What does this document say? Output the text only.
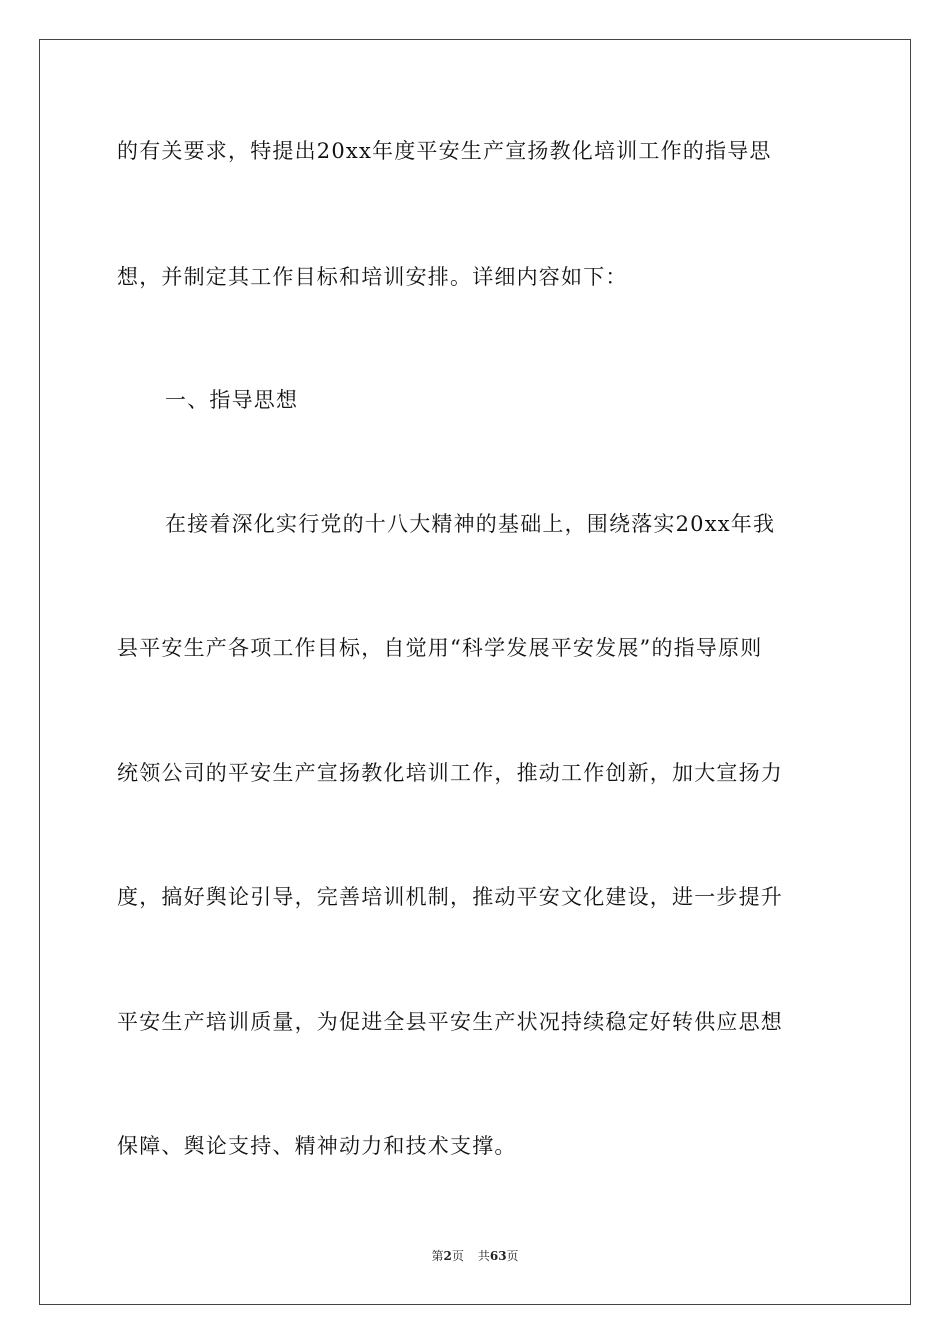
的有关要求，特提出20xx年度平安生产宣扬教化培训工作的指导思
想，并制定其工作目标和培训安排。详细内容如下：
一、指导思想
在接着深化实行党的十八大精神的基础上，围绕落实20xx年我
县平安生产各项工作目标，自觉用“科学发展平安发展”的指导原则
统领公司的平安生产宣扬教化培训工作，推动工作创新，加大宣扬力
度，搞好舆论引导，完善培训机制，推动平安文化建设，进一步提升
平安生产培训质量，为促进全县平安生产状况持续稳定好转供应思想
保障、舆论支持、精神动力和技术支撑。
第2页 共63页
